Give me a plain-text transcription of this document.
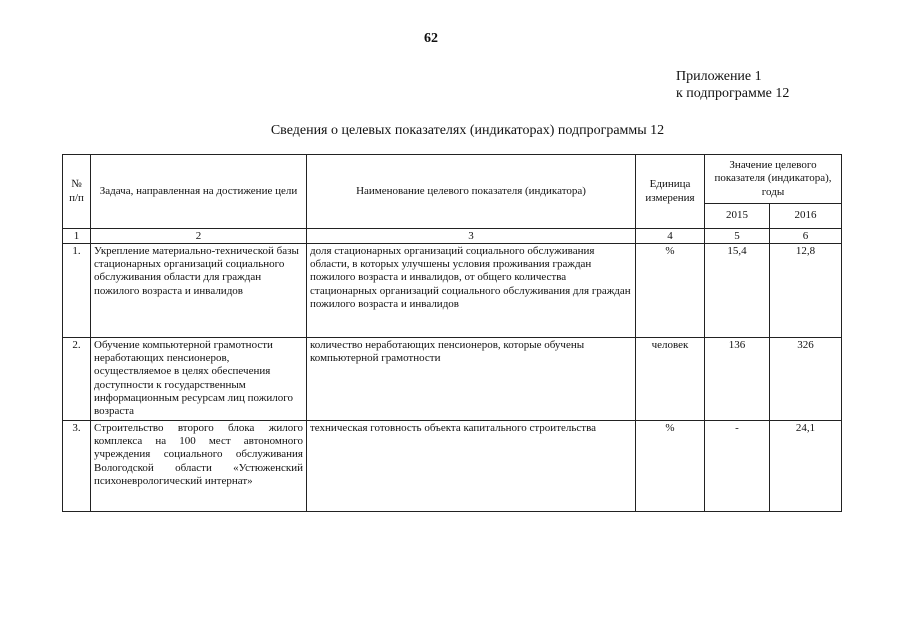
62
Приложение 1
к подпрограмме 12
Сведения о целевых показателях (индикаторах) подпрограммы 12
№ п/п	Задача, направленная на достижение цели	Наименование целевого показателя (индикатора)	Единица измерения	Значение целевого показателя (индикатора), годы	
				2015	2016
1	2	3	4	5	6
1.	Укрепление материально-технической базы стационарных организаций социального обслуживания области для граждан пожилого возраста и инвалидов	доля стационарных организаций социального обслуживания области, в которых улучшены условия проживания граждан пожилого возраста и инвалидов, от общего количества стационарных организаций социального обслуживания для граждан пожилого возраста и инвалидов	%	15,4	12,8
2.	Обучение компьютерной грамотности неработающих пенсионеров, осуществляемое в целях обеспечения доступности к государственным информационным ресурсам лиц пожилого возраста	количество неработающих пенсионеров, которые обучены компьютерной грамотности	человек	136	326
3.	Строительство второго блока жилого комплекса на 100 мест автономного учреждения социального обслуживания Вологодской области «Устюженский психоневрологический интернат»	техническая готовность объекта капитального строительства	%	-	24,1
